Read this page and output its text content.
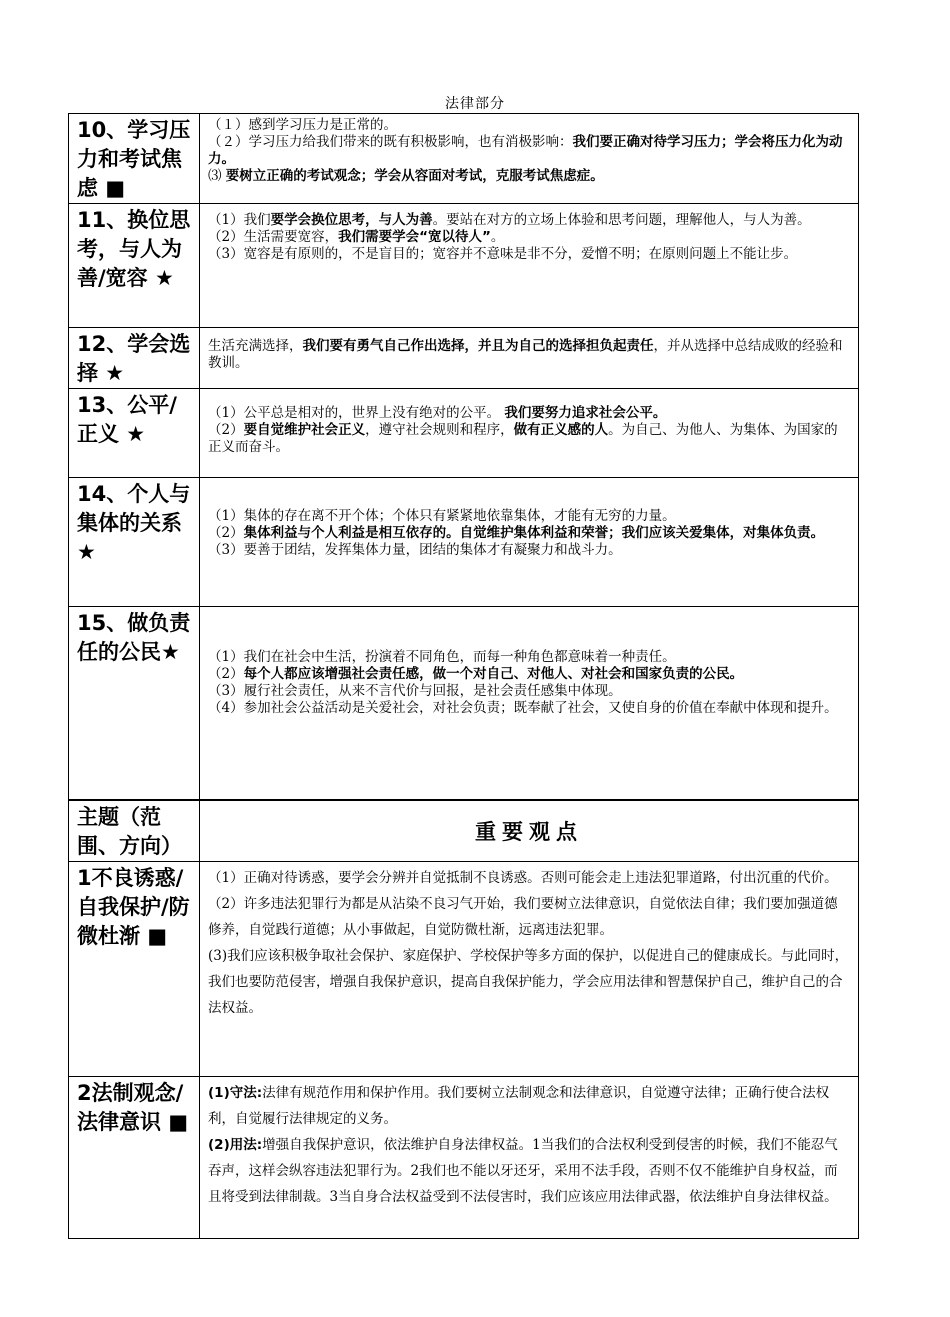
法律部分
10、学习压力和考试焦虑 ■	（１）感到学习压力是正常的。
（２）学习压力给我们带来的既有积极影响，也有消极影响：我们要正确对待学习压力；学会将压力化为动力。
⑶ 要树立正确的考试观念；学会从容面对考试，克服考试焦虑症。

11、换位思考，与人为善/宽容 ★	（1）我们要学会换位思考，与人为善。要站在对方的立场上体验和思考问题，理解他人，与人为善。
（2）生活需要宽容，我们需要学会“宽以待人”。
（3）宽容是有原则的，不是盲目的；宽容并不意味是非不分，爱憎不明；在原则问题上不能让步。

12、学会选择 ★	生活充满选择，我们要有勇气自己作出选择，并且为自己的选择担负起责任，并从选择中总结成败的经验和教训。

13、公平/正义 ★	（1）公平总是相对的，世界上没有绝对的公平。 我们要努力追求社会公平。
（2）要自觉维护社会正义，遵守社会规则和程序，做有正义感的人。为自己、为他人、为集体、为国家的正义而奋斗。

14、个人与集体的关系★	（1）集体的存在离不开个体；个体只有紧紧地依靠集体，才能有无穷的力量。
（2）集体利益与个人利益是相互依存的。自觉维护集体利益和荣誉；我们应该关爱集体，对集体负责。
（3）要善于团结，发挥集体力量，团结的集体才有凝聚力和战斗力。

15、做负责任的公民★	（1）我们在社会中生活，扮演着不同角色，而每一种角色都意味着一种责任。
（2）每个人都应该增强社会责任感，做一个对自己、对他人、对社会和国家负责的公民。
（3）履行社会责任，从来不言代价与回报，是社会责任感集中体现。
（4）参加社会公益活动是关爱社会，对社会负责；既奉献了社会，又使自身的价值在奉献中体现和提升。

主题（范围、方向）	重要观点
1不良诱惑/自我保护/防微杜渐 ■	（1）正确对待诱惑，要学会分辨并自觉抵制不良诱惑。否则可能会走上违法犯罪道路，付出沉重的代价。
（2）许多违法犯罪行为都是从沾染不良习气开始，我们要树立法律意识，自觉依法自律；我们要加强道德修养，自觉践行道德；从小事做起，自觉防微杜渐，远离违法犯罪。
(3)我们应该积极争取社会保护、家庭保护、学校保护等多方面的保护，以促进自己的健康成长。与此同时，我们也要防范侵害，增强自我保护意识，提高自我保护能力，学会应用法律和智慧保护自己，维护自己的合法权益。

2法制观念/法律意识 ■	(1)守法:法律有规范作用和保护作用。我们要树立法制观念和法律意识，自觉遵守法律；正确行使合法权利，自觉履行法律规定的义务。
(2)用法:增强自我保护意识，依法维护自身法律权益。1当我们的合法权利受到侵害的时候，我们不能忍气吞声，这样会纵容违法犯罪行为。2我们也不能以牙还牙，采用不法手段，否则不仅不能维护自身权益，而且将受到法律制裁。3当自身合法权益受到不法侵害时，我们应该应用法律武器，依法维护自身法律权益。
